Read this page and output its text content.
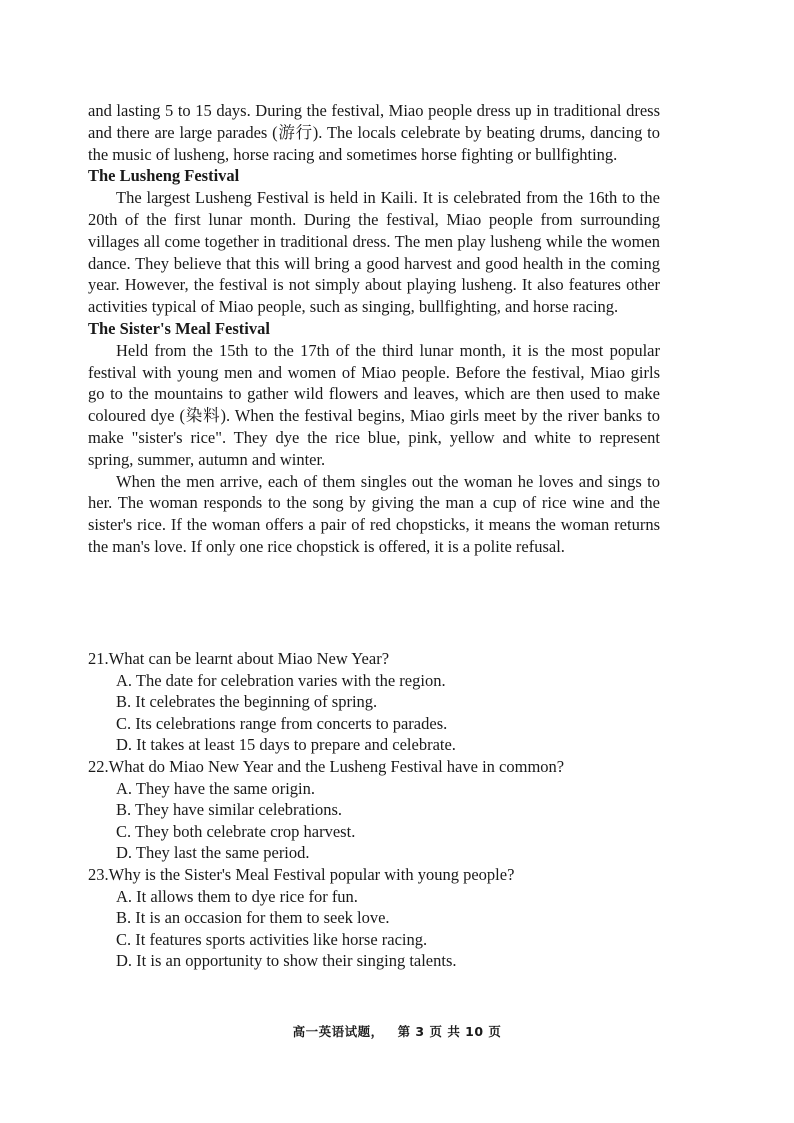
and lasting 5 to 15 days. During the festival, Miao people dress up in traditional dress and there are large parades (游行). The locals celebrate by beating drums, dancing to the music of lusheng, horse racing and sometimes horse fighting or bullfighting.

The Lusheng Festival

The largest Lusheng Festival is held in Kaili. It is celebrated from the 16th to the 20th of the first lunar month. During the festival, Miao people from surrounding villages all come together in traditional dress. The men play lusheng while the women dance. They believe that this will bring a good harvest and good health in the coming year. However, the festival is not simply about playing lusheng. It also features other activities typical of Miao people, such as singing, bullfighting, and horse racing.

The Sister's Meal Festival

Held from the 15th to the 17th of the third lunar month, it is the most popular festival with young men and women of Miao people. Before the festival, Miao girls go to the mountains to gather wild flowers and leaves, which are then used to make coloured dye (染料). When the festival begins, Miao girls meet by the river banks to make "sister's rice". They dye the rice blue, pink, yellow and white to represent spring, summer, autumn and winter.

When the men arrive, each of them singles out the woman he loves and sings to her. The woman responds to the song by giving the man a cup of rice wine and the sister's rice. If the woman offers a pair of red chopsticks, it means the woman returns the man's love. If only one rice chopstick is offered, it is a polite refusal.

21.What can be learnt about Miao New Year?

A. The date for celebration varies with the region.

B. It celebrates the beginning of spring.

C. Its celebrations range from concerts to parades.

D. It takes at least 15 days to prepare and celebrate.

22.What do Miao New Year and the Lusheng Festival have in common?

A. They have the same origin.

B. They have similar celebrations.

C. They both celebrate crop harvest.

D. They last the same period.

23.Why is the Sister's Meal Festival popular with young people?

A. It allows them to dye rice for fun.

B. It is an occasion for them to seek love.

C. It features sports activities like horse racing.

D. It is an opportunity to show their singing talents.

高一英语试题， 第 3 页 共 10 页
